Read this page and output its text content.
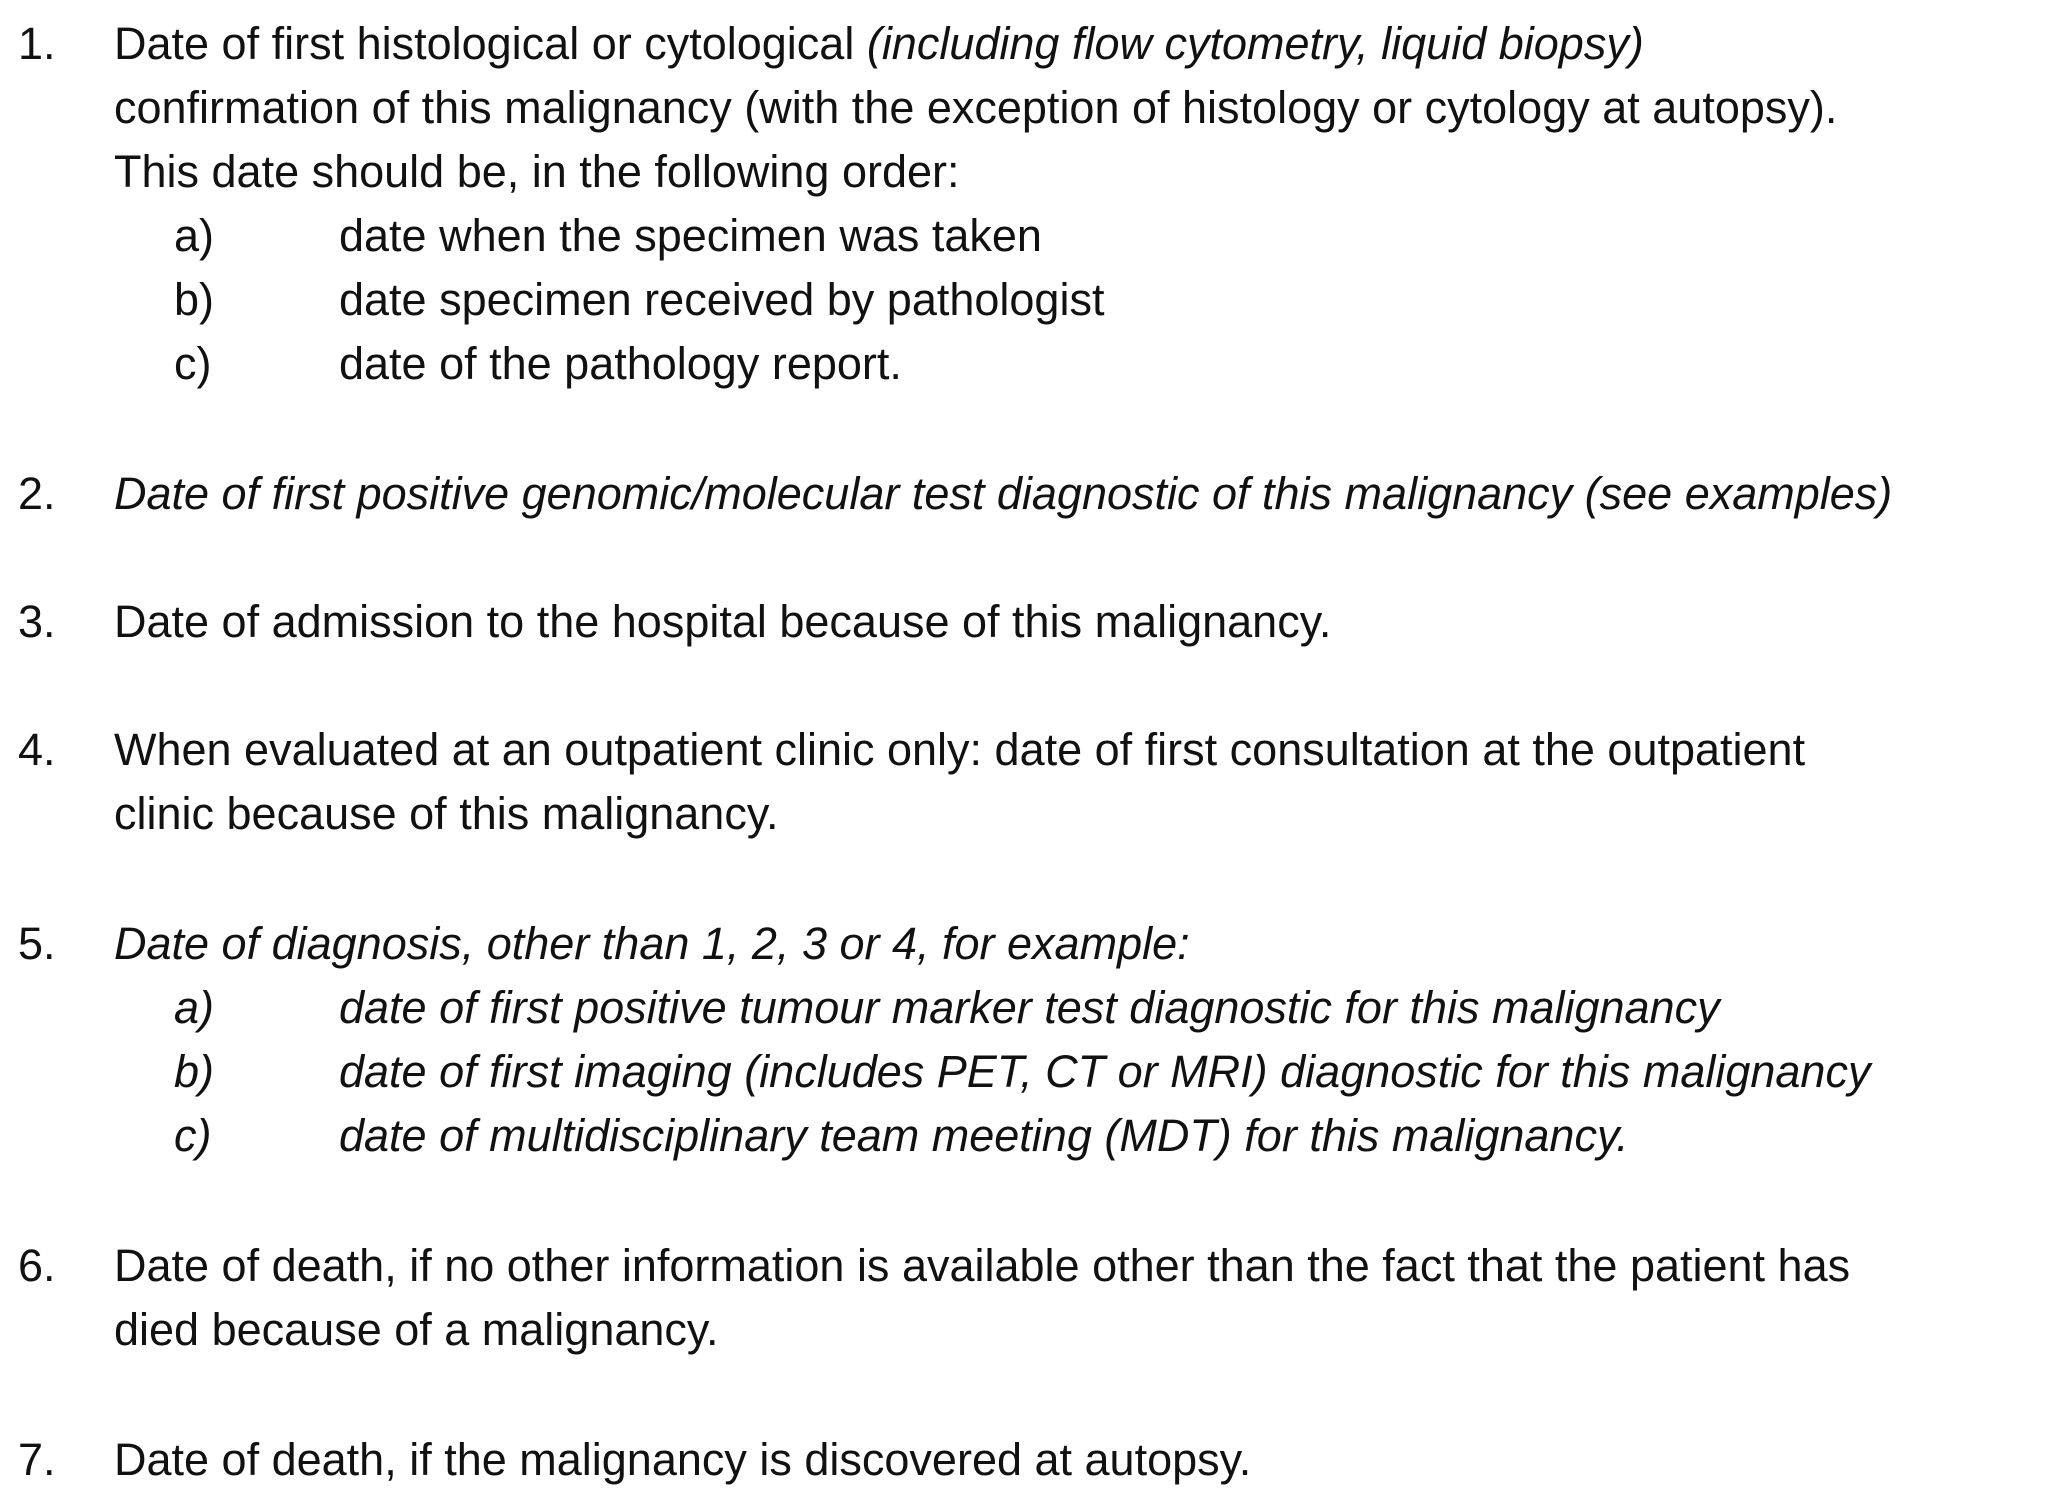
1. Date of first histological or cytological (including flow cytometry, liquid biopsy)
confirmation of this malignancy (with the exception of histology or cytology at autopsy).
This date should be, in the following order:
a)	date when the specimen was taken
b)	date specimen received by pathologist
c)	date of the pathology report.
2. Date of first positive genomic/molecular test diagnostic of this malignancy (see examples)
3. Date of admission to the hospital because of this malignancy.
4. When evaluated at an outpatient clinic only: date of first consultation at the outpatient
clinic because of this malignancy.
5. Date of diagnosis, other than 1, 2, 3 or 4, for example:
a)	date of first positive tumour marker test diagnostic for this malignancy
b)	date of first imaging (includes PET, CT or MRI) diagnostic for this malignancy
c)	date of multidisciplinary team meeting (MDT) for this malignancy.
6. Date of death, if no other information is available other than the fact that the patient has
died because of a malignancy.
7. Date of death, if the malignancy is discovered at autopsy.
